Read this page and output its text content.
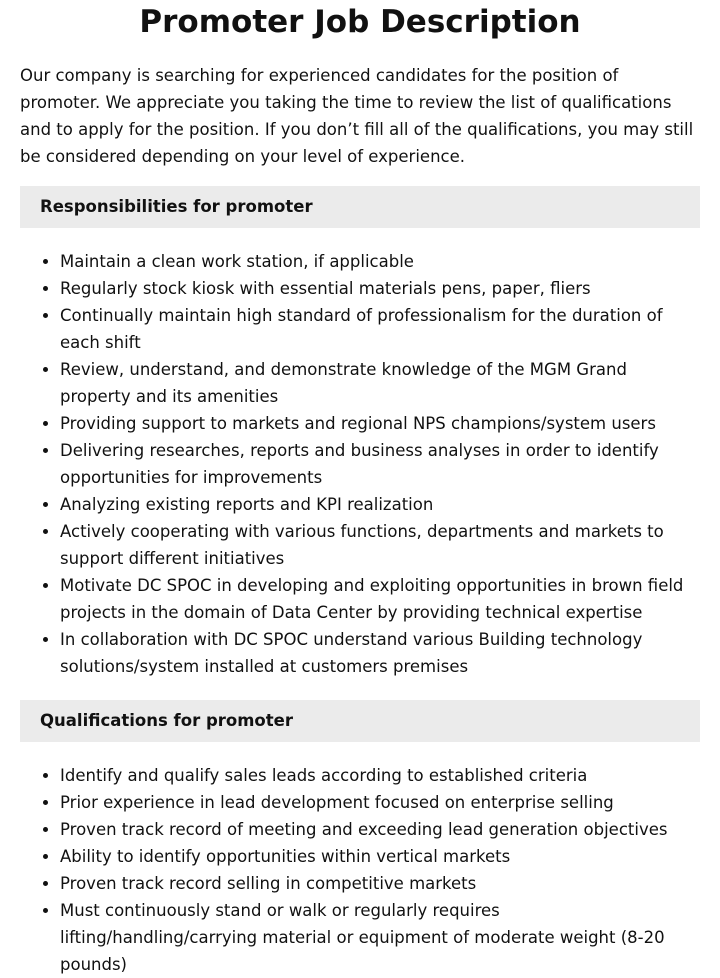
Promoter Job Description

Our company is searching for experienced candidates for the position of promoter. We appreciate you taking the time to review the list of qualifications and to apply for the position. If you don’t fill all of the qualifications, you may still be considered depending on your level of experience.

Responsibilities for promoter
• Maintain a clean work station, if applicable
• Regularly stock kiosk with essential materials pens, paper, fliers
• Continually maintain high standard of professionalism for the duration of each shift
• Review, understand, and demonstrate knowledge of the MGM Grand property and its amenities
• Providing support to markets and regional NPS champions/system users
• Delivering researches, reports and business analyses in order to identify opportunities for improvements
• Analyzing existing reports and KPI realization
• Actively cooperating with various functions, departments and markets to support different initiatives
• Motivate DC SPOC in developing and exploiting opportunities in brown field projects in the domain of Data Center by providing technical expertise
• In collaboration with DC SPOC understand various Building technology solutions/system installed at customers premises
Qualifications for promoter
• Identify and qualify sales leads according to established criteria
• Prior experience in lead development focused on enterprise selling
• Proven track record of meeting and exceeding lead generation objectives
• Ability to identify opportunities within vertical markets
• Proven track record selling in competitive markets
• Must continuously stand or walk or regularly requires lifting/handling/carrying material or equipment of moderate weight (8-20 pounds)
